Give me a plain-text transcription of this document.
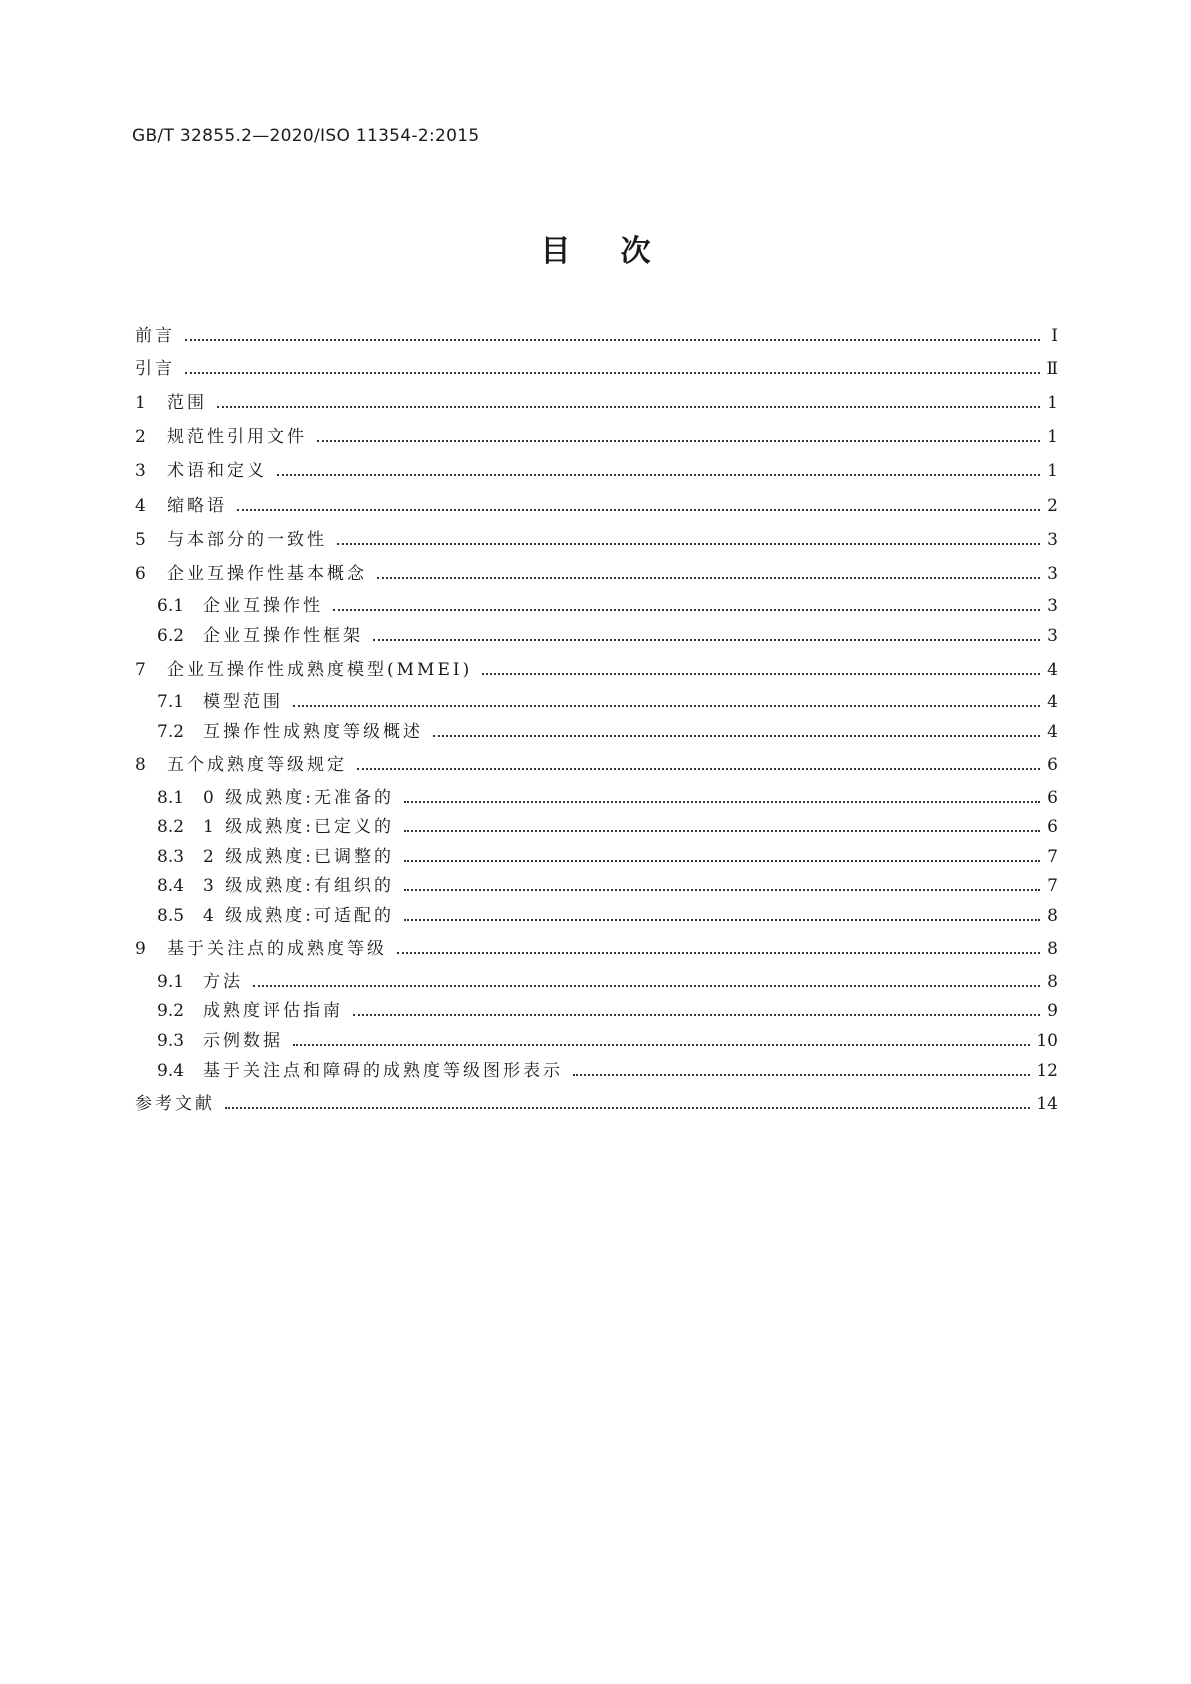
GB/T 32855.2—2020/ISO 11354-2:2015
目次
前言	Ⅰ
引言	Ⅱ
1	范围	1
2	规范性引用文件	1
3	术语和定义	1
4	缩略语	2
5	与本部分的一致性	3
6	企业互操作性基本概念	3
6.1	企业互操作性	3
6.2	企业互操作性框架	3
7	企业互操作性成熟度模型(MMEI)	4
7.1	模型范围	4
7.2	互操作性成熟度等级概述	4
8	五个成熟度等级规定	6
8.1	0 级成熟度:无准备的	6
8.2	1 级成熟度:已定义的	6
8.3	2 级成熟度:已调整的	7
8.4	3 级成熟度:有组织的	7
8.5	4 级成熟度:可适配的	8
9	基于关注点的成熟度等级	8
9.1	方法	8
9.2	成熟度评估指南	9
9.3	示例数据	10
9.4	基于关注点和障碍的成熟度等级图形表示	12
参考文献	14
